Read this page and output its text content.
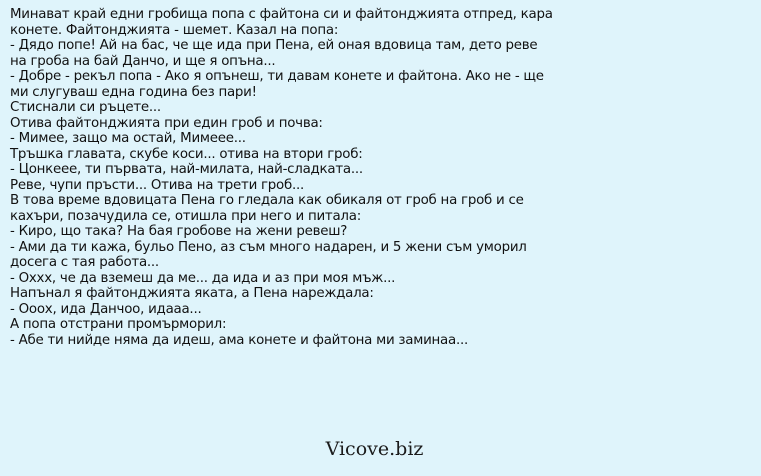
Минават край едни гробища попа с файтона си и файтонджията отпред, кара
конете. Файтонджията - шемет. Казал на попа:
- Дядо попе! Ай на бас, че ще ида при Пена, ей оная вдовица там, дето реве
на гроба на бай Данчо, и ще я опъна...
- Добре - рекъл попа - Ако я опънеш, ти давам конете и файтона. Ако не - ще
ми слугуваш една година без пари!
Стиснали си ръцете...
Отива файтонджията при един гроб и почва:
- Мимее, защо ма остай, Мимеее...
Тръшка главата, скубе коси... отива на втори гроб:
- Цонкеее, ти първата, най-милата, най-сладката...
Реве, чупи пръсти... Отива на трети гроб...
В това време вдовицата Пена го гледала как обикаля от гроб на гроб и се
кахъри, позачудила се, отишла при него и питала:
- Киро, що така? На бая гробове на жени ревеш?
- Ами да ти кажа, бульо Пено, аз съм много надарен, и 5 жени съм уморил
досега с тая работа...
- Оххх, че да вземеш да ме... да ида и аз при моя мъж...
Напънал я файтонджията яката, а Пена нареждала:
- Оооx, ида Данчоо, идааа...
А попа отстрани промърморил:
- Абе ти нийде няма да идеш, ама конете и файтона ми заминаа...
Vicove.biz
